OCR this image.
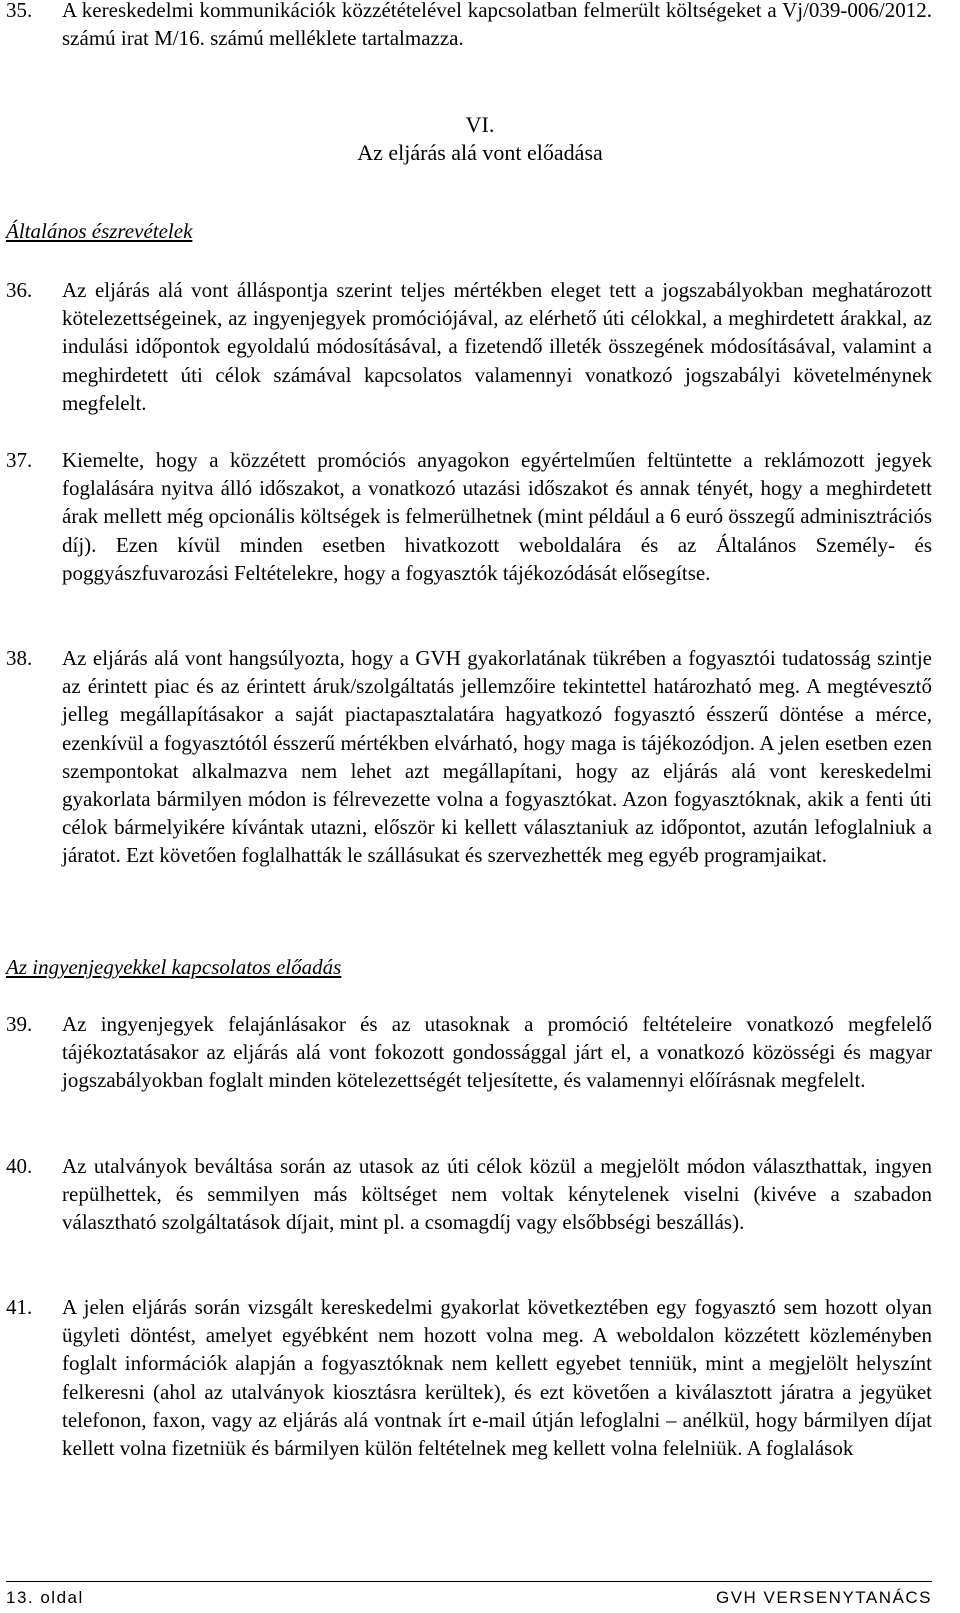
35.	A kereskedelmi kommunikációk közzétételével kapcsolatban felmerült költségeket a Vj/039-006/2012. számú irat M/16. számú melléklete tartalmazza.
VI.
Az eljárás alá vont előadása
Általános észrevételek
36.	Az eljárás alá vont álláspontja szerint teljes mértékben eleget tett a jogszabályokban meghatározott kötelezettségeinek, az ingyenjegyek promóciójával, az elérhető úti célokkal, a meghirdetett árakkal, az indulási időpontok egyoldalú módosításával, a fizetendő illeték összegének módosításával, valamint a meghirdetett úti célok számával kapcsolatos valamennyi vonatkozó jogszabályi követelménynek megfelelt.
37.	Kiemelte, hogy a közzétett promóciós anyagokon egyértelműen feltüntette a reklámozott jegyek foglalására nyitva álló időszakot, a vonatkozó utazási időszakot és annak tényét, hogy a meghirdetett árak mellett még opcionális költségek is felmerülhetnek (mint például a 6 euró összegű adminisztrációs díj). Ezen kívül minden esetben hivatkozott weboldalára és az Általános Személy- és poggyászfuvarozási Feltételekre, hogy a fogyasztók tájékozódását elősegítse.
38.	Az eljárás alá vont hangsúlyozta, hogy a GVH gyakorlatának tükrében a fogyasztói tudatosság szintje az érintett piac és az érintett áruk/szolgáltatás jellemzőire tekintettel határozható meg. A megtévesztő jelleg megállapításakor a saját piactapasztalatára hagyatkozó fogyasztó ésszerű döntése a mérce, ezenkívül a fogyasztótól ésszerű mértékben elvárható, hogy maga is tájékozódjon. A jelen esetben ezen szempontokat alkalmazva nem lehet azt megállapítani, hogy az eljárás alá vont kereskedelmi gyakorlata bármilyen módon is félrevezette volna a fogyasztókat. Azon fogyasztóknak, akik a fenti úti célok bármelyikére kívántak utazni, először ki kellett választaniuk az időpontot, azután lefoglalniuk a járatot. Ezt követően foglalhatták le szállásukat és szervezhették meg egyéb programjaikat.
Az ingyenjegyekkel kapcsolatos előadás
39.	Az ingyenjegyek felajánlásakor és az utasoknak a promóció feltételeire vonatkozó megfelelő tájékoztatásakor az eljárás alá vont fokozott gondossággal járt el, a vonatkozó közösségi és magyar jogszabályokban foglalt minden kötelezettségét teljesítette, és valamennyi előírásnak megfelelt.
40.	Az utalványok beváltása során az utasok az úti célok közül a megjelölt módon választhattak, ingyen repülhettek, és semmilyen más költséget nem voltak kénytelenek viselni (kivéve a szabadon választható szolgáltatások díjait, mint pl. a csomagdíj vagy elsőbbségi beszállás).
41.	A jelen eljárás során vizsgált kereskedelmi gyakorlat következtében egy fogyasztó sem hozott olyan ügyleti döntést, amelyet egyébként nem hozott volna meg. A weboldalon közzétett közleményben foglalt információk alapján a fogyasztóknak nem kellett egyebet tenniük, mint a megjelölt helyszínt felkeresni (ahol az utalványok kiosztásra kerültek), és ezt követően a kiválasztott járatra a jegyüket telefonon, faxon, vagy az eljárás alá vontnak írt e-mail útján lefoglalni – anélkül, hogy bármilyen díjat kellett volna fizetniük és bármilyen külön feltételnek meg kellett volna felelniük. A foglalások
13. oldal	GVH VERSENYTANÁCS
